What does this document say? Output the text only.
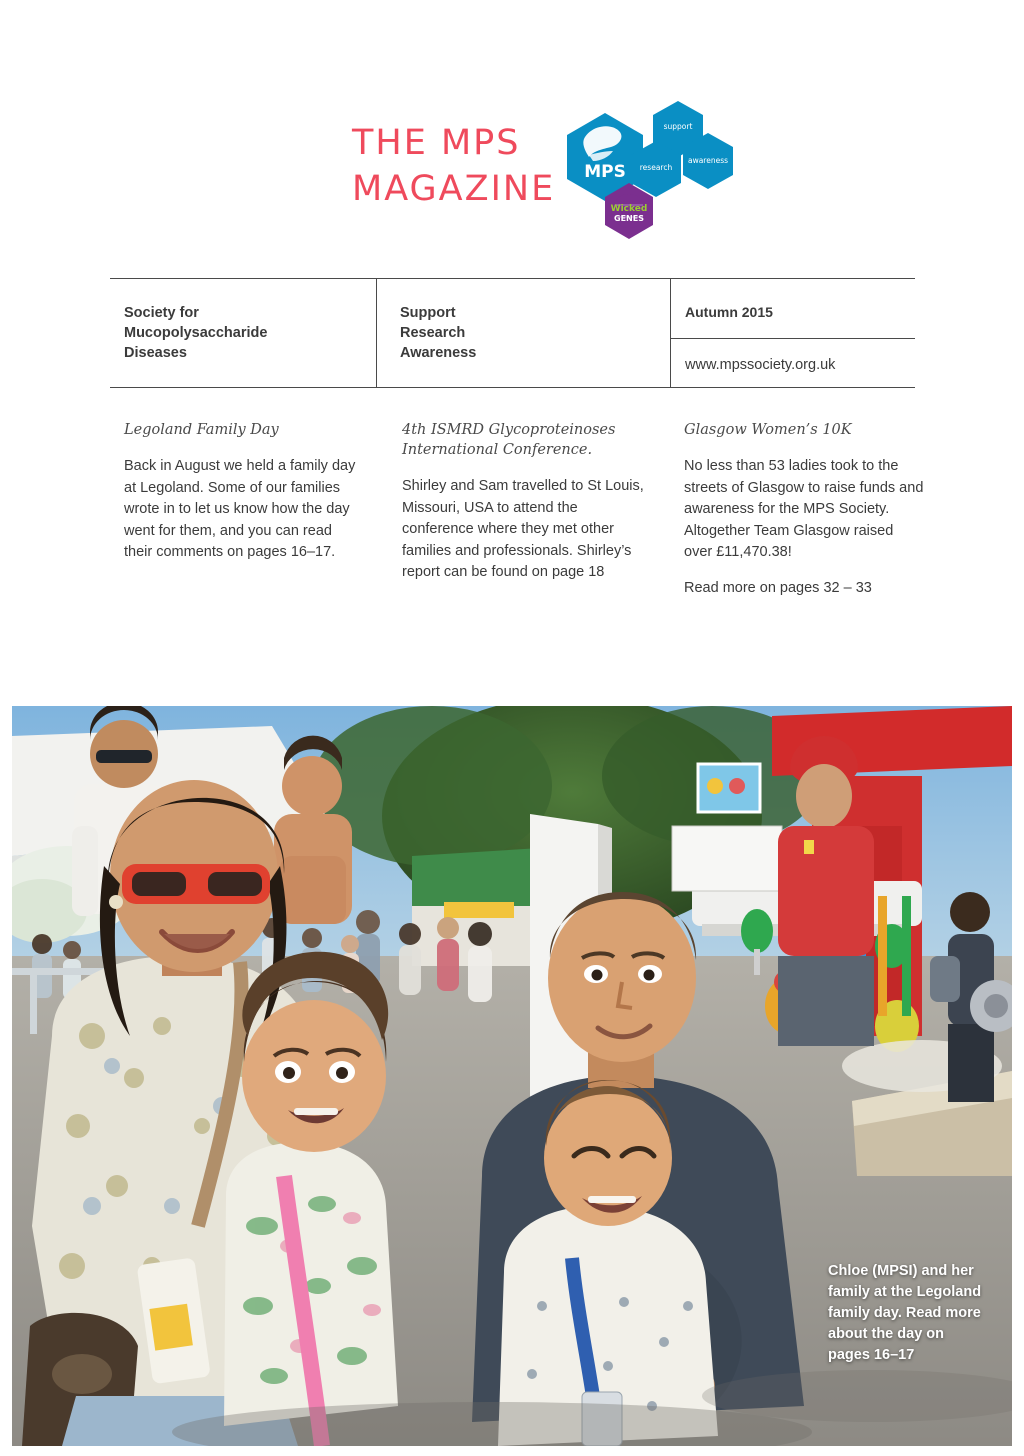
THE MPS
MAGAZINE	MPS
support
research
awareness
Wicked
GENES
Society for
Mucopolysaccharide
Diseases
Support
Research
Awareness
Autumn 2015
www.mpssociety.org.uk
Legoland Family Day

Back in August we held a family day at Legoland. Some of our families wrote in to let us know how the day went for them, and you can read their comments on pages 16–17.

4th ISMRD Glycoproteinoses International Conference.

Shirley and Sam travelled to St Louis, Missouri, USA to attend the conference where they met other families and professionals. Shirley’s report can be found on page 18

Glasgow Women’s 10K

No less than 53 ladies took to the streets of Glasgow to raise funds and awareness for the MPS Society. Altogether Team Glasgow raised over £11,470.38!

Read more on pages 32 – 33

Chloe (MPSI) and her family at the Legoland family day. Read more about the day on pages 16–17
